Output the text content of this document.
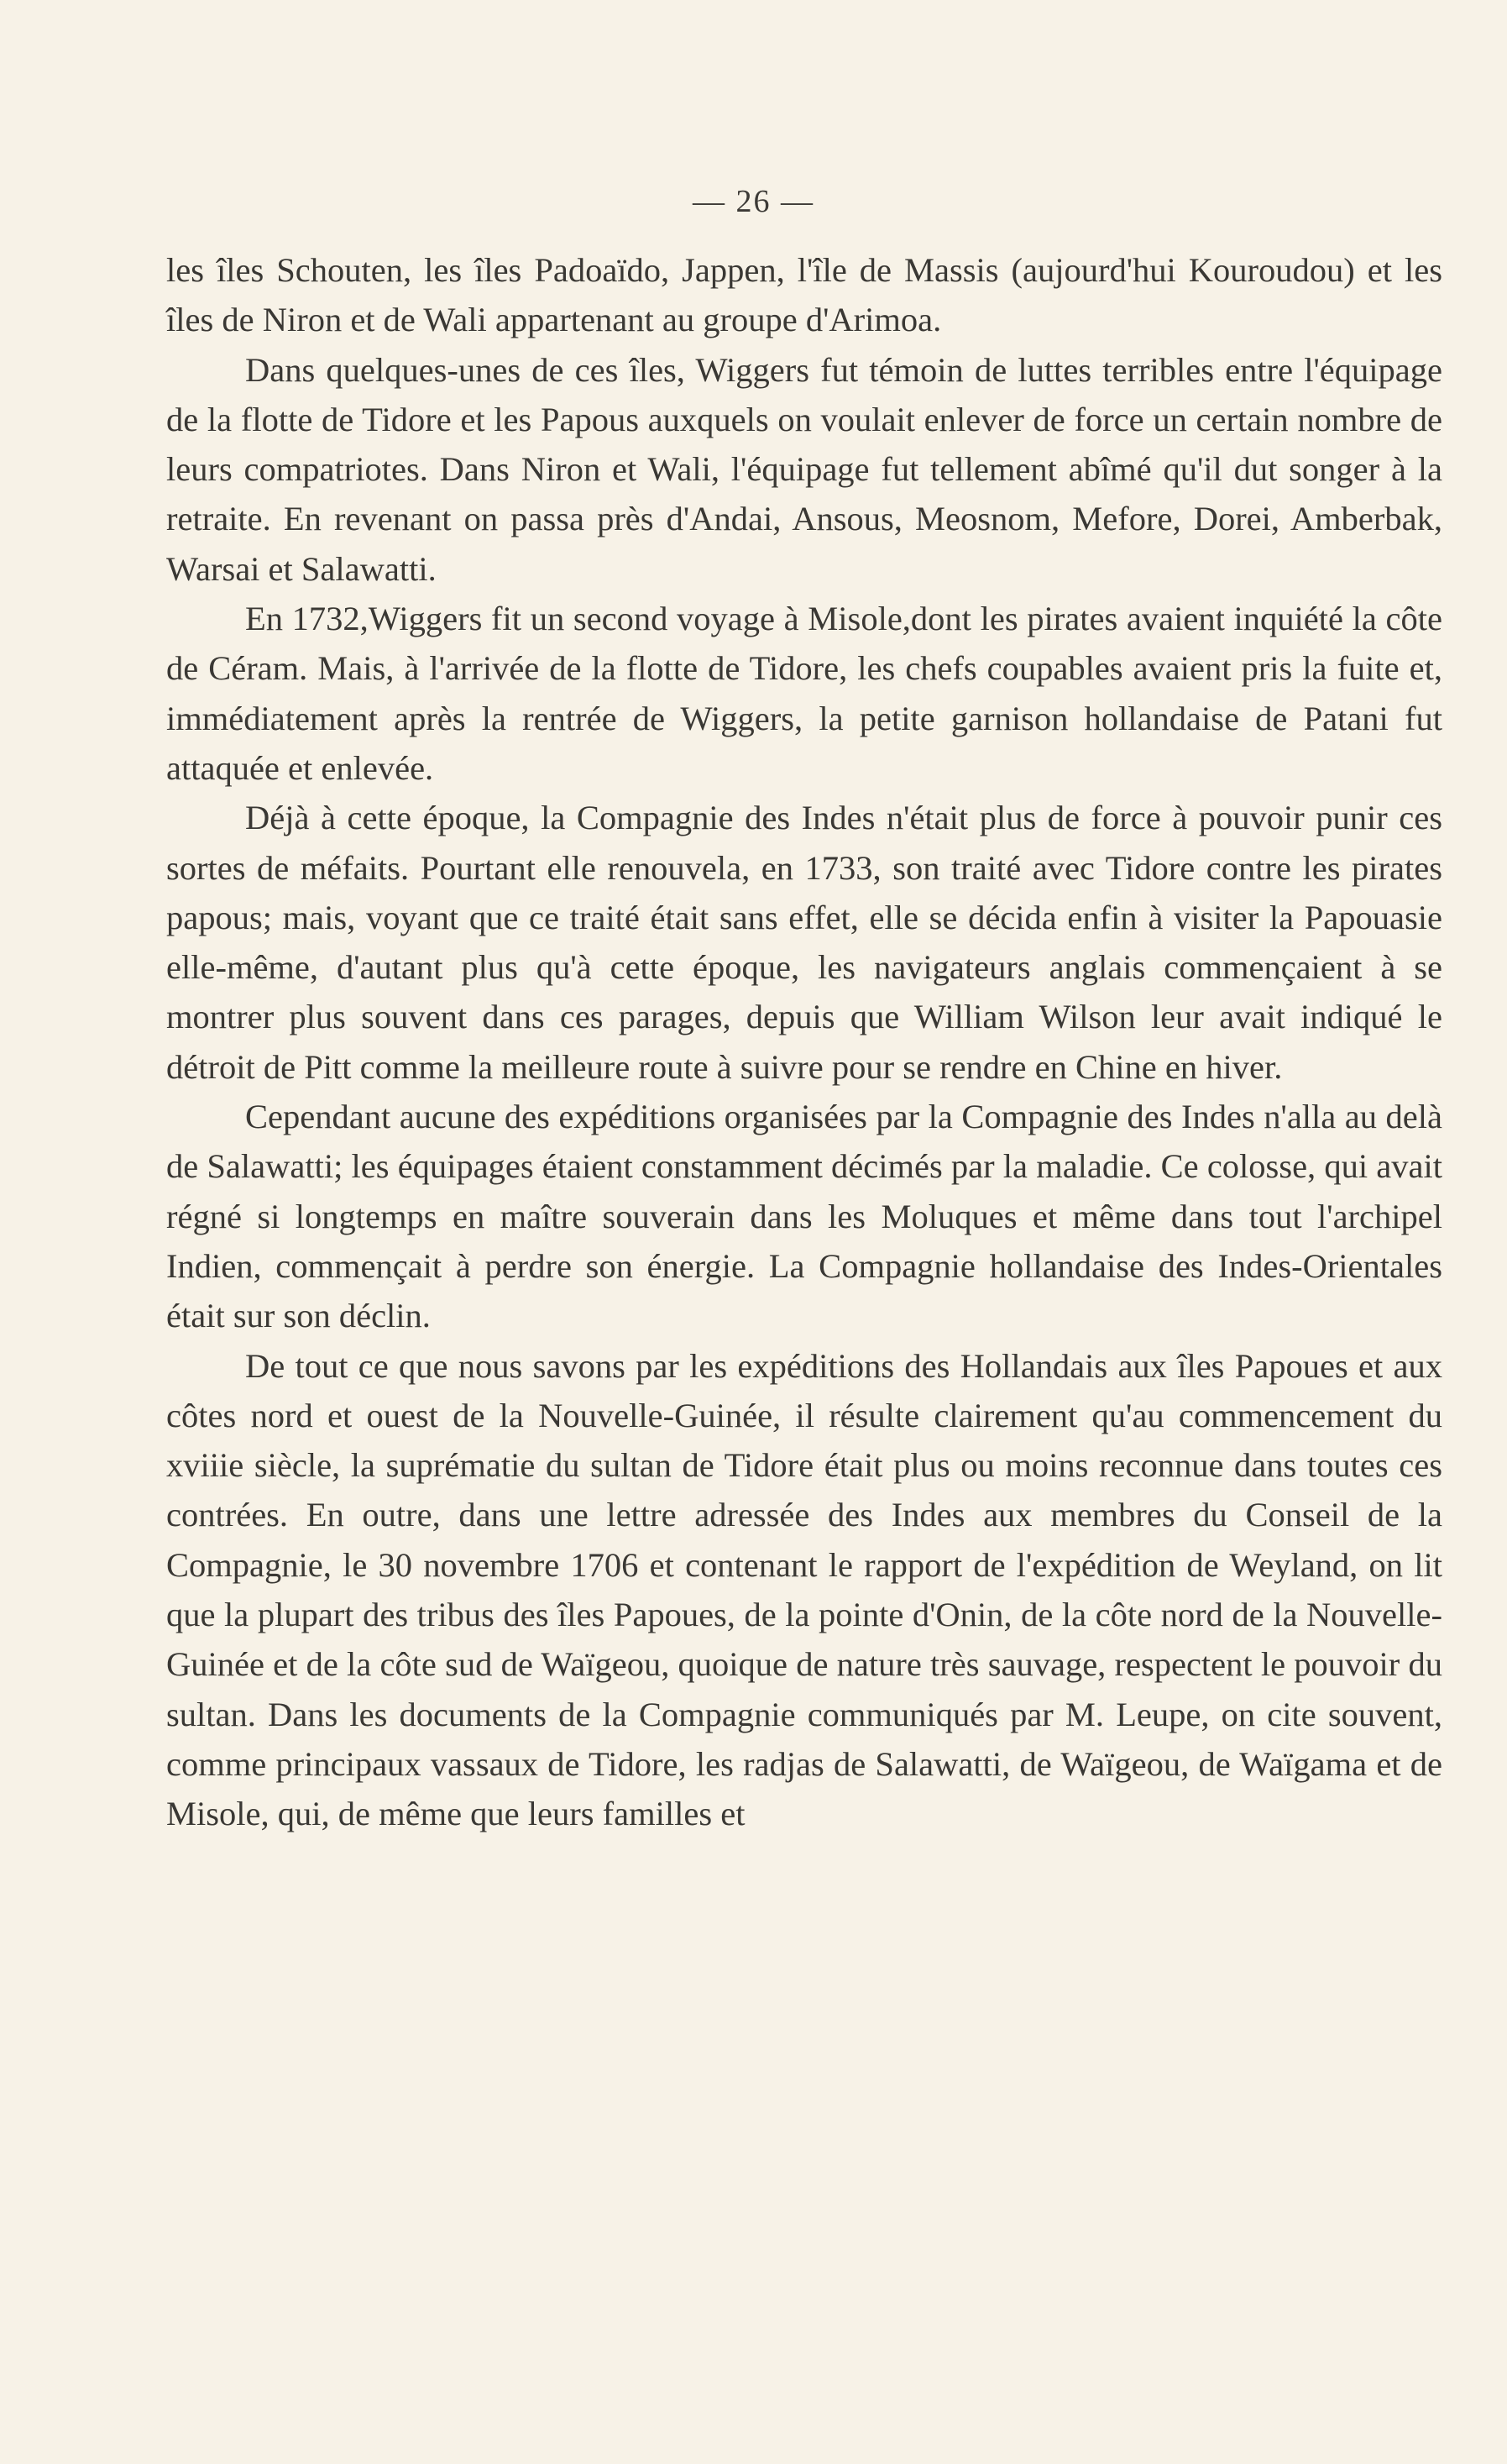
— 26 —

les îles Schouten, les îles Padoaïdo, Jappen, l'île de Massis (aujourd'hui Kouroudou) et les îles de Niron et de Wali appartenant au groupe d'Arimoa.

Dans quelques-unes de ces îles, Wiggers fut témoin de luttes terribles entre l'équipage de la flotte de Tidore et les Papous auxquels on voulait enlever de force un certain nombre de leurs compatriotes. Dans Niron et Wali, l'équipage fut tellement abîmé qu'il dut songer à la retraite. En revenant on passa près d'Andai, Ansous, Meosnom, Mefore, Dorei, Amberbak, Warsai et Salawatti.

En 1732,Wiggers fit un second voyage à Misole,dont les pirates avaient inquiété la côte de Céram. Mais, à l'arrivée de la flotte de Tidore, les chefs coupables avaient pris la fuite et, immédiatement après la rentrée de Wiggers, la petite garnison hollandaise de Patani fut attaquée et enlevée.

Déjà à cette époque, la Compagnie des Indes n'était plus de force à pouvoir punir ces sortes de méfaits. Pourtant elle renouvela, en 1733, son traité avec Tidore contre les pirates papous; mais, voyant que ce traité était sans effet, elle se décida enfin à visiter la Papouasie elle-même, d'autant plus qu'à cette époque, les navigateurs anglais commençaient à se montrer plus souvent dans ces parages, depuis que William Wilson leur avait indiqué le détroit de Pitt comme la meilleure route à suivre pour se rendre en Chine en hiver.

Cependant aucune des expéditions organisées par la Compagnie des Indes n'alla au delà de Salawatti; les équipages étaient constamment décimés par la maladie. Ce colosse, qui avait régné si longtemps en maître souverain dans les Moluques et même dans tout l'archipel Indien, commençait à perdre son énergie. La Compagnie hollandaise des Indes-Orientales était sur son déclin.

De tout ce que nous savons par les expéditions des Hollandais aux îles Papoues et aux côtes nord et ouest de la Nouvelle-Guinée, il résulte clairement qu'au commencement du xviiie siècle, la suprématie du sultan de Tidore était plus ou moins reconnue dans toutes ces contrées. En outre, dans une lettre adressée des Indes aux membres du Conseil de la Compagnie, le 30 novembre 1706 et contenant le rapport de l'expédition de Weyland, on lit que la plupart des tribus des îles Papoues, de la pointe d'Onin, de la côte nord de la Nouvelle-Guinée et de la côte sud de Waïgeou, quoique de nature très sauvage, respectent le pouvoir du sultan. Dans les documents de la Compagnie communiqués par M. Leupe, on cite souvent, comme principaux vassaux de Tidore, les radjas de Salawatti, de Waïgeou, de Waïgama et de Misole, qui, de même que leurs familles et
